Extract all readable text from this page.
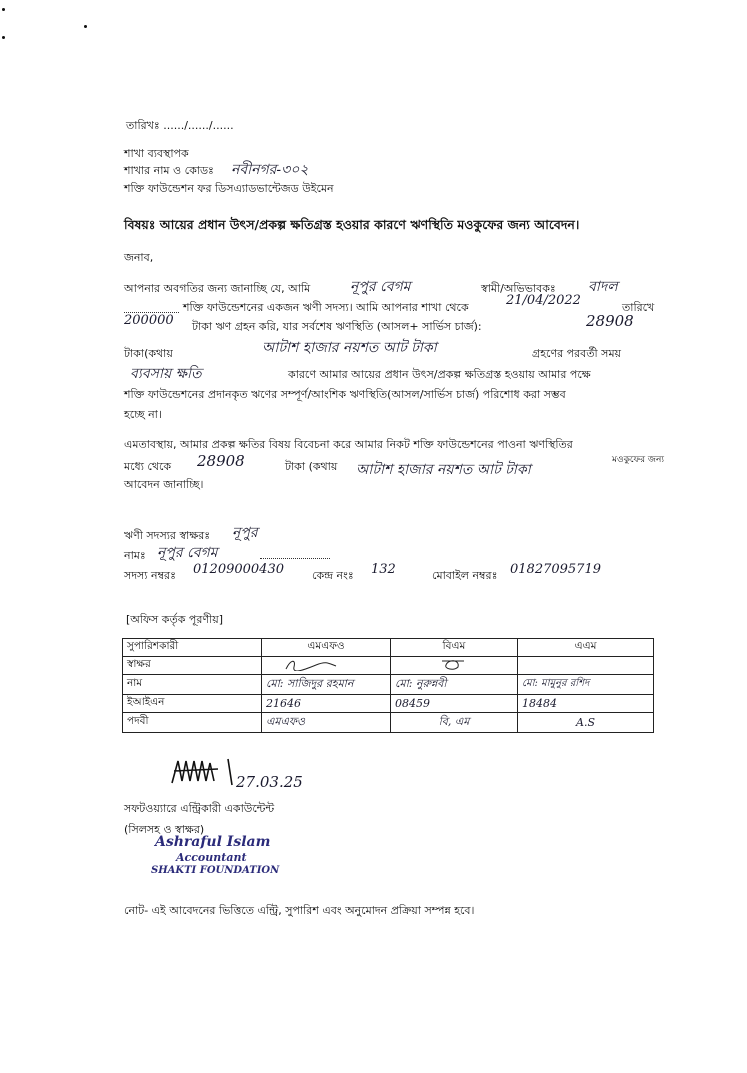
তারিখঃ ....../....../......
শাখা ব্যবস্থাপক
শাখার নাম ও কোডঃ নবীনগর-৩০২
শক্তি ফাউন্ডেশন ফর ডিসএ্যাডভান্টেজড উইমেন
বিষয়ঃ আয়ের প্রধান উৎস/প্রকল্প ক্ষতিগ্রস্ত হওয়ার কারণে ঋণস্থিতি মওকুফের জন্য আবেদন।
জনাব,
আপনার অবগতির জন্য জানাচ্ছি যে, আমি	নূপুর বেগম	স্বামী/অভিভাবকঃ বাদল
শক্তি ফাউন্ডেশনের একজন ঋণী সদস্য। আমি আপনার শাখা থেকে	21/04/2022	তারিখে
200000 টাকা ঋণ গ্রহন করি, যার সর্বশেষ ঋণস্থিতি (আসল+ সার্ভিস চার্জ):	28908
টাকা(কথায়	আটাশ হাজার নয়শত আট টাকা	গ্রহণের পরবর্তী সময়
ব্যবসায় ক্ষতি	কারণে আমার আয়ের প্রধান উৎস/প্রকল্প ক্ষতিগ্রস্ত হওয়ায় আমার পক্ষে
শক্তি ফাউন্ডেশনের প্রদানকৃত ঋণের সম্পূর্ণ/আংশিক ঋণস্থিতি(আসল/সার্ভিস চার্জ) পরিশোধ করা সম্ভব
হচ্ছে না।
এমতাবস্থায়, আমার প্রকল্প ক্ষতির বিষয় বিবেচনা করে আমার নিকট শক্তি ফাউন্ডেশনের পাওনা ঋণস্থিতির
মধ্যে থেকে 28908	টাকা (কথায় আটাশ হাজার নয়শত আট টাকা
মওকুফের জন্য
আবেদন জানাচ্ছি।
ঋণী সদস্যর স্বাক্ষরঃ নূপুর
নামঃ নূপুর বেগম
সদস্য নম্বরঃ 01209000430	কেন্দ্র নংঃ 132	মোবাইল নম্বরঃ 01827095719
[অফিস কর্তৃক পূরণীয়]
সুপারিশকারী	এমএফও	বিএম	এএম
স্বাক্ষর			
নাম	মো: সাজিদুর রহমান	মো: নুরুন্নবী	মো: মামুনুর রশিদ
ইআইএন	21646	08459	18484
পদবী	এমএফও	বি, এম	A.S
27.03.25
সফটওয়্যারে এন্ট্রিকারী একাউন্টেন্ট
(সিলসহ ও স্বাক্ষর)
Ashraful Islam
Accountant
SHAKTI FOUNDATION
নোট- এই আবেদনের ভিত্তিতে এন্ট্রি, সুপারিশ এবং অনুমোদন প্রক্রিয়া সম্পন্ন হবে।
